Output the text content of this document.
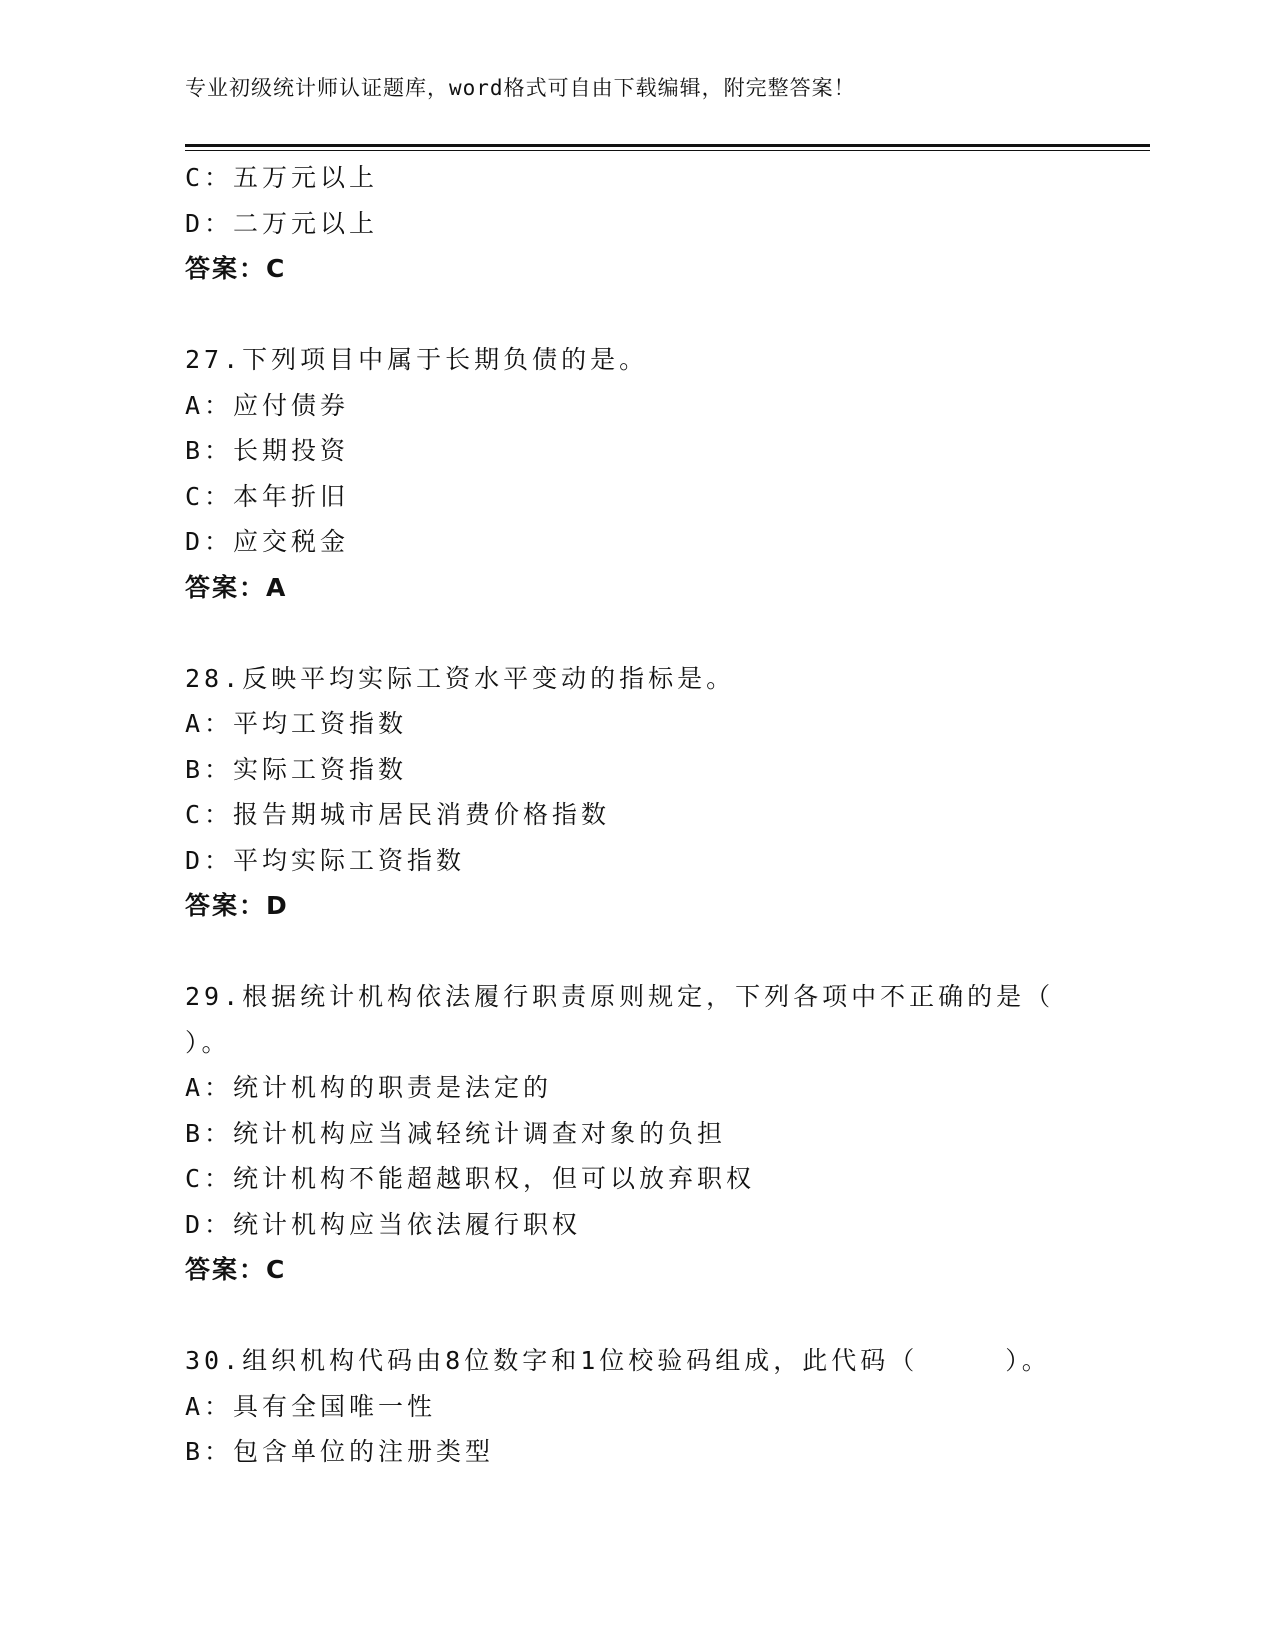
专业初级统计师认证题库，word格式可自由下载编辑，附完整答案！
C：五万元以上
D：二万元以上
答案：C
27.下列项目中属于长期负债的是。
A：应付债券
B：长期投资
C：本年折旧
D：应交税金
答案：A
28.反映平均实际工资水平变动的指标是。
A：平均工资指数
B：实际工资指数
C：报告期城市居民消费价格指数
D：平均实际工资指数
答案：D
29.根据统计机构依法履行职责原则规定，下列各项中不正确的是（
）。
A：统计机构的职责是法定的
B：统计机构应当减轻统计调查对象的负担
C：统计机构不能超越职权，但可以放弃职权
D：统计机构应当依法履行职权
答案：C
30.组织机构代码由8位数字和1位校验码组成，此代码（　　　）。
A：具有全国唯一性
B：包含单位的注册类型
